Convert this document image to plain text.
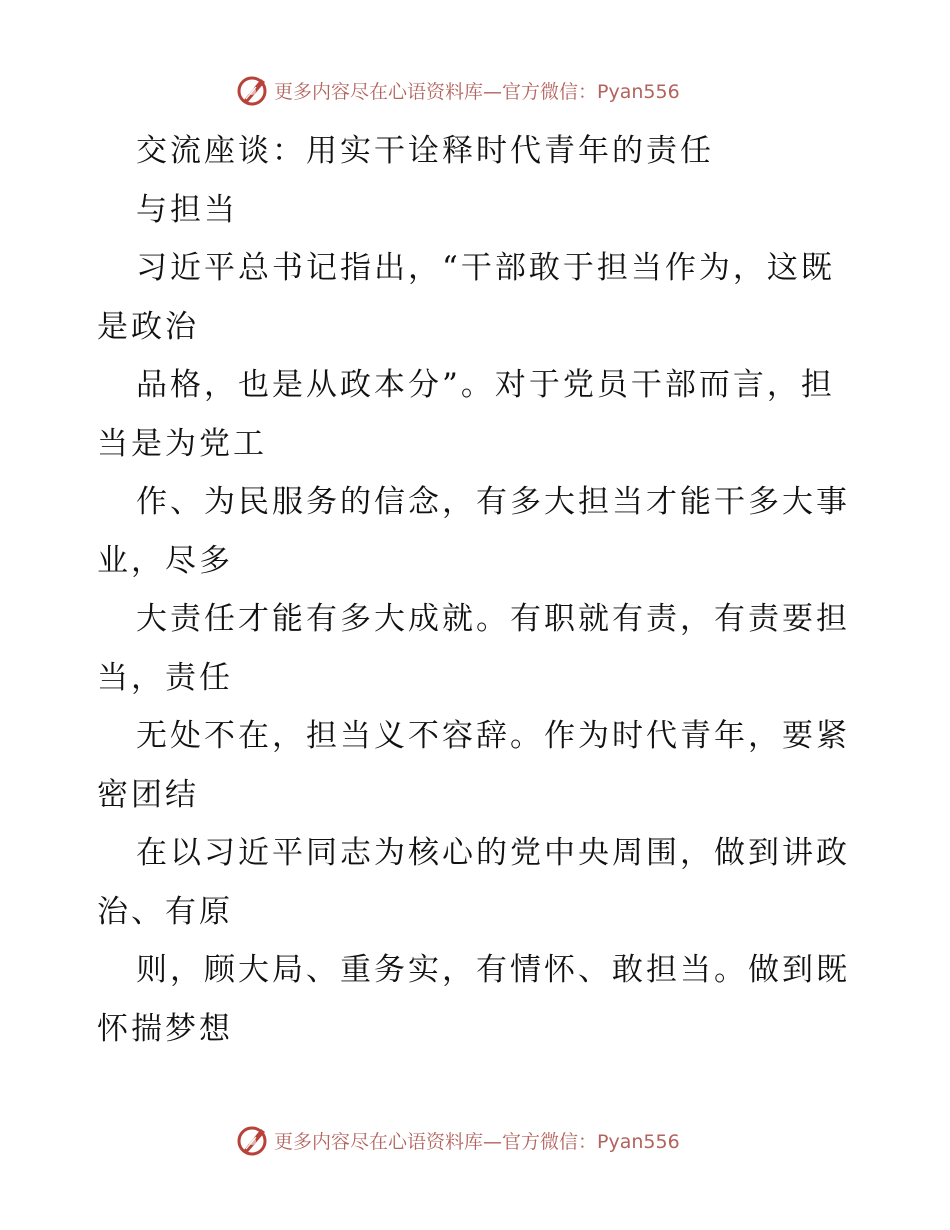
更多内容尽在心语资料库—官方微信：Pyan556
交流座谈：用实干诠释时代青年的责任
与担当
习近平总书记指出，“干部敢于担当作为，这既
是政治
品格，也是从政本分”。对于党员干部而言，担
当是为党工
作、为民服务的信念，有多大担当才能干多大事
业，尽多
大责任才能有多大成就。有职就有责，有责要担
当，责任
无处不在，担当义不容辞。作为时代青年，要紧
密团结
在以习近平同志为核心的党中央周围，做到讲政
治、有原
则，顾大局、重务实，有情怀、敢担当。做到既
怀揣梦想
更多内容尽在心语资料库—官方微信：Pyan556
